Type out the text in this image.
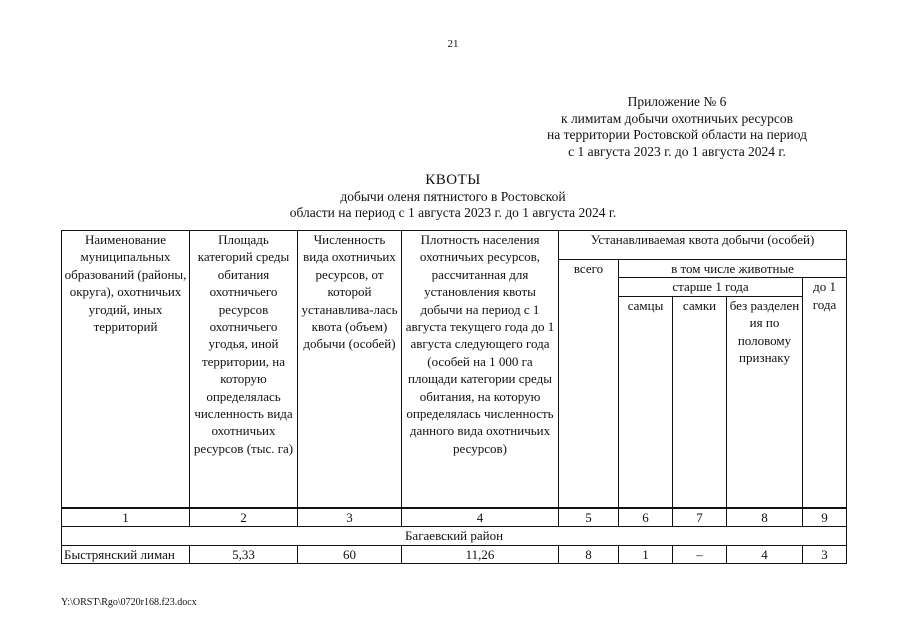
21
Приложение № 6
к лимитам добычи охотничьих ресурсов
на территории Ростовской области на период
с 1 августа 2023 г. до 1 августа 2024 г.
КВОТЫ
добычи оленя пятнистого в Ростовской
области на период с 1 августа 2023 г. до 1 августа 2024 г.
Наименование муниципальных образований (районы, округа), охотничьих угодий, иных территорий	Площадь категорий среды обитания охотничьего ресурсов охотничьего угодья, иной территории, на которую определялась численность вида охотничьих ресурсов (тыс. га)	Численность вида охотничьих ресурсов, от которой устанавлива-лась квота (объем) добычи (особей)	Плотность населения охотничьих ресурсов, рассчитанная для установления квоты добычи на период с 1 августа текущего года до 1 августа следующего года (особей на 1 000 га площади категории среды обитания, на которую определялась численность данного вида охотничьих ресурсов)	Устанавливаемая квота добычи (особей)				
				всего	в том числе животные			
					старше 1 года			до 1 года
					самцы	самки	без разделен ия по половому признаку	
1	2	3	4	5	6	7	8	9
Багаевский район								
Быстрянский лиман	5,33	60	11,26	8	1	–	4	3
Y:\ORST\Rgo\0720r168.f23.docx
